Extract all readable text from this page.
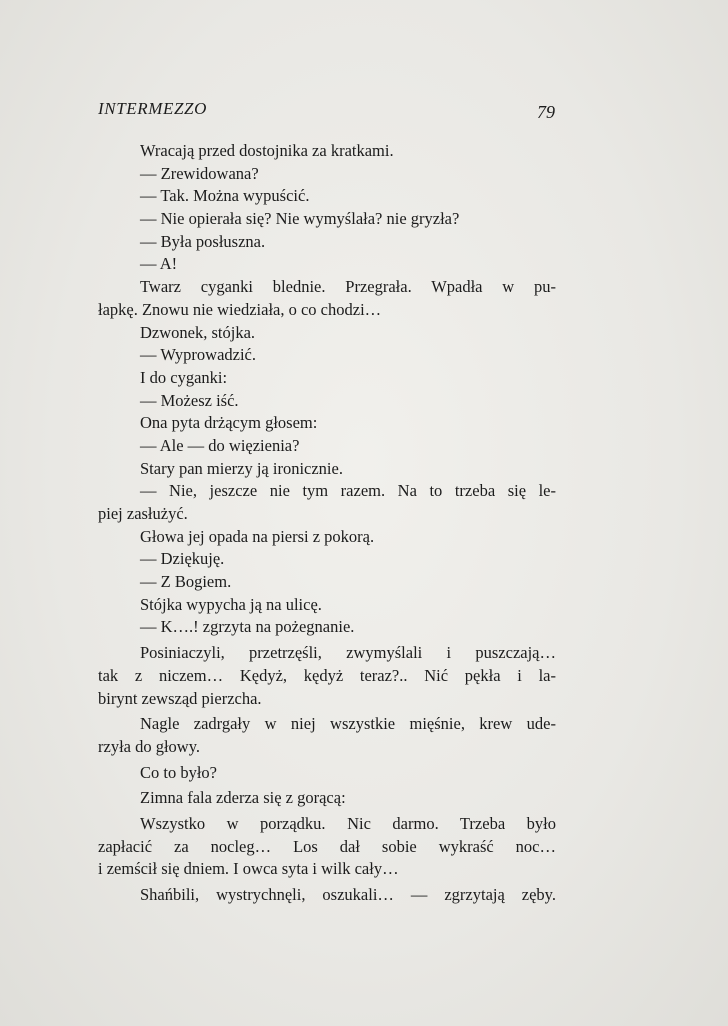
INTERMEZZO	79
Wracają przed dostojnika za kratkami.
— Zrewidowana?
— Tak. Można wypuścić.
— Nie opierała się? Nie wymyślała? nie gryzła?
— Była posłuszna.
— A!
Twarz cyganki blednie. Przegrała. Wpadła w pu-
łapkę. Znowu nie wiedziała, o co chodzi…
Dzwonek, stójka.
— Wyprowadzić.
I do cyganki:
— Możesz iść.
Ona pyta drżącym głosem:
— Ale — do więzienia?
Stary pan mierzy ją ironicznie.
— Nie, jeszcze nie tym razem. Na to trzeba się le-
piej zasłużyć.
Głowa jej opada na piersi z pokorą.
— Dziękuję.
— Z Bogiem.
Stójka wypycha ją na ulicę.
— K….! zgrzyta na pożegnanie.
Posiniaczyli, przetrzęśli, zwymyślali i puszczają…
tak z niczem… Kędyż, kędyż teraz?.. Nić pękła i la-
birynt zewsząd pierzcha.
Nagle zadrgały w niej wszystkie mięśnie, krew ude-
rzyła do głowy.
Co to było?
Zimna fala zderza się z gorącą:
Wszystko w porządku. Nic darmo. Trzeba było
zapłacić za nocleg… Los dał sobie wykraść noc…
i zemścił się dniem. I owca syta i wilk cały…
Shańbili, wystrychnęli, oszukali… — zgrzytają zęby.
